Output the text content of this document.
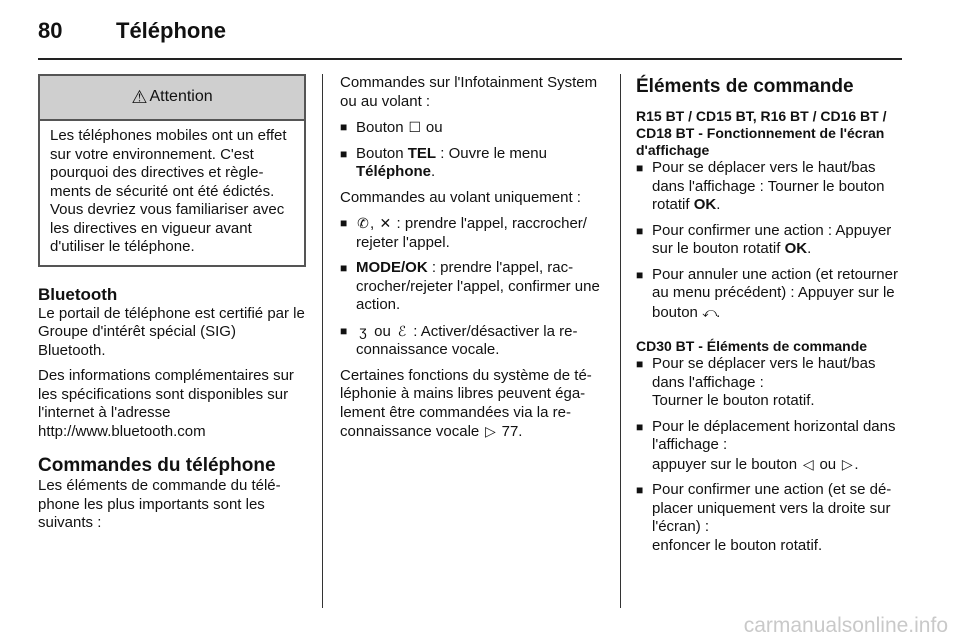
80 Téléphone
⚠ Attention
Les téléphones mobiles ont un effet sur votre environnement. C'est pourquoi des directives et règlements de sécurité ont été édictés. Vous devriez vous familiariser avec les directives en vigueur avant d'utiliser le téléphone.
Bluetooth

Le portail de téléphone est certifié par le Groupe d'intérêt spécial (SIG) Bluetooth.

Des informations complémentaires sur les spécifications sont disponibles sur l'internet à l'adresse

http://www.bluetooth.com

Commandes du téléphone

Les éléments de commande du téléphone les plus importants sont les suivants :

Commandes sur l'Infotainment System ou au volant :

■ Bouton ☐ ou
■ Bouton TEL : Ouvre le menu Téléphone.

Commandes au volant uniquement :

■ ✆, ✕ : prendre l'appel, raccrocher/ rejeter l'appel.
■ MODE/OK : prendre l'appel, raccrocher/rejeter l'appel, confirmer une action.
■ ʒ ou ℰ : Activer/désactiver la reconnaissance vocale.

Certaines fonctions du système de téléphonie à mains libres peuvent également être commandées via la reconnaissance vocale ▷ 77.

Éléments de commande
R15 BT / CD15 BT, R16 BT / CD16 BT / CD18 BT - Fonctionnement de l'écran d'affichage
■ Pour se déplacer vers le haut/bas dans l'affichage : Tourner le bouton rotatif OK.
■ Pour confirmer une action : Appuyer sur le bouton rotatif OK.
■ Pour annuler une action (et retourner au menu précédent) : Appuyer sur le bouton ⤺.
CD30 BT - Éléments de commande
■ Pour se déplacer vers le haut/bas dans l'affichage :
Tourner le bouton rotatif.
■ Pour le déplacement horizontal dans l'affichage :
appuyer sur le bouton ◁ ou ▷ .
■ Pour confirmer une action (et se déplacer uniquement vers la droite sur l'écran) :
enfoncer le bouton rotatif.
carmanualsonline.info
